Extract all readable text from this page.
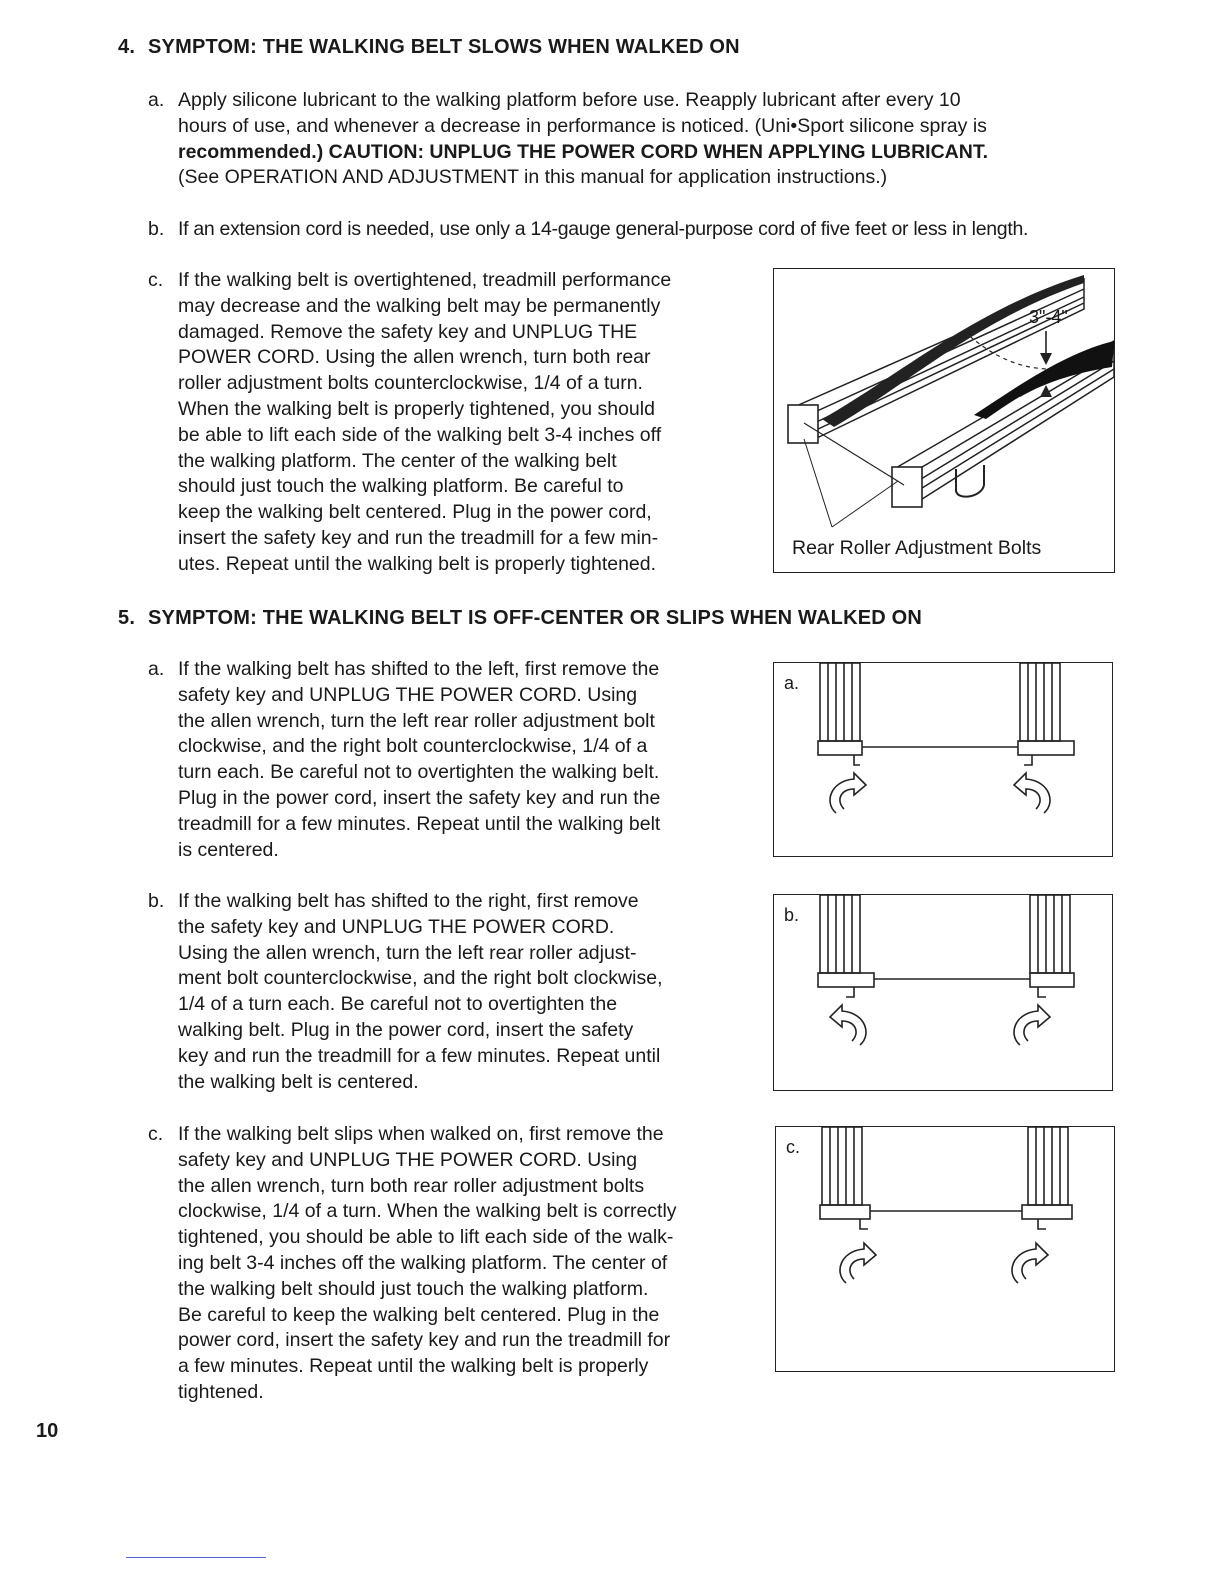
4. SYMPTOM: THE WALKING BELT SLOWS WHEN WALKED ON
a. Apply silicone lubricant to the walking platform before use. Reapply lubricant after every 10
hours of use, and whenever a decrease in performance is noticed. (Uni•Sport silicone spray is
recommended.) CAUTION: UNPLUG THE POWER CORD WHEN APPLYING LUBRICANT.
(See OPERATION AND ADJUSTMENT in this manual for application instructions.)
b. If an extension cord is needed, use only a 14-gauge general-purpose cord of five feet or less in length.
c. If the walking belt is overtightened, treadmill performance
may decrease and the walking belt may be permanently
damaged. Remove the safety key and UNPLUG THE
POWER CORD. Using the allen wrench, turn both rear
roller adjustment bolts counterclockwise, 1/4 of a turn.
When the walking belt is properly tightened, you should
be able to lift each side of the walking belt 3-4 inches off
the walking platform. The center of the walking belt
should just touch the walking platform. Be careful to
keep the walking belt centered. Plug in the power cord,
insert the safety key and run the treadmill for a few min-
utes. Repeat until the walking belt is properly tightened.
3"-4"
Rear Roller Adjustment Bolts
5. SYMPTOM: THE WALKING BELT IS OFF-CENTER OR SLIPS WHEN WALKED ON
a. If the walking belt has shifted to the left, first remove the
safety key and UNPLUG THE POWER CORD. Using
the allen wrench, turn the left rear roller adjustment bolt
clockwise, and the right bolt counterclockwise, 1/4 of a
turn each. Be careful not to overtighten the walking belt.
Plug in the power cord, insert the safety key and run the
treadmill for a few minutes. Repeat until the walking belt
is centered.
a.
b. If the walking belt has shifted to the right, first remove
the safety key and UNPLUG THE POWER CORD.
Using the allen wrench, turn the left rear roller adjust-
ment bolt counterclockwise, and the right bolt clockwise,
1/4 of a turn each. Be careful not to overtighten the
walking belt. Plug in the power cord, insert the safety
key and run the treadmill for a few minutes. Repeat until
the walking belt is centered.
b.
c. If the walking belt slips when walked on, first remove the
safety key and UNPLUG THE POWER CORD. Using
the allen wrench, turn both rear roller adjustment bolts
clockwise, 1/4 of a turn. When the walking belt is correctly
tightened, you should be able to lift each side of the walk-
ing belt 3-4 inches off the walking platform. The center of
the walking belt should just touch the walking platform.
Be careful to keep the walking belt centered. Plug in the
power cord, insert the safety key and run the treadmill for
a few minutes. Repeat until the walking belt is properly
tightened.
c.
10
